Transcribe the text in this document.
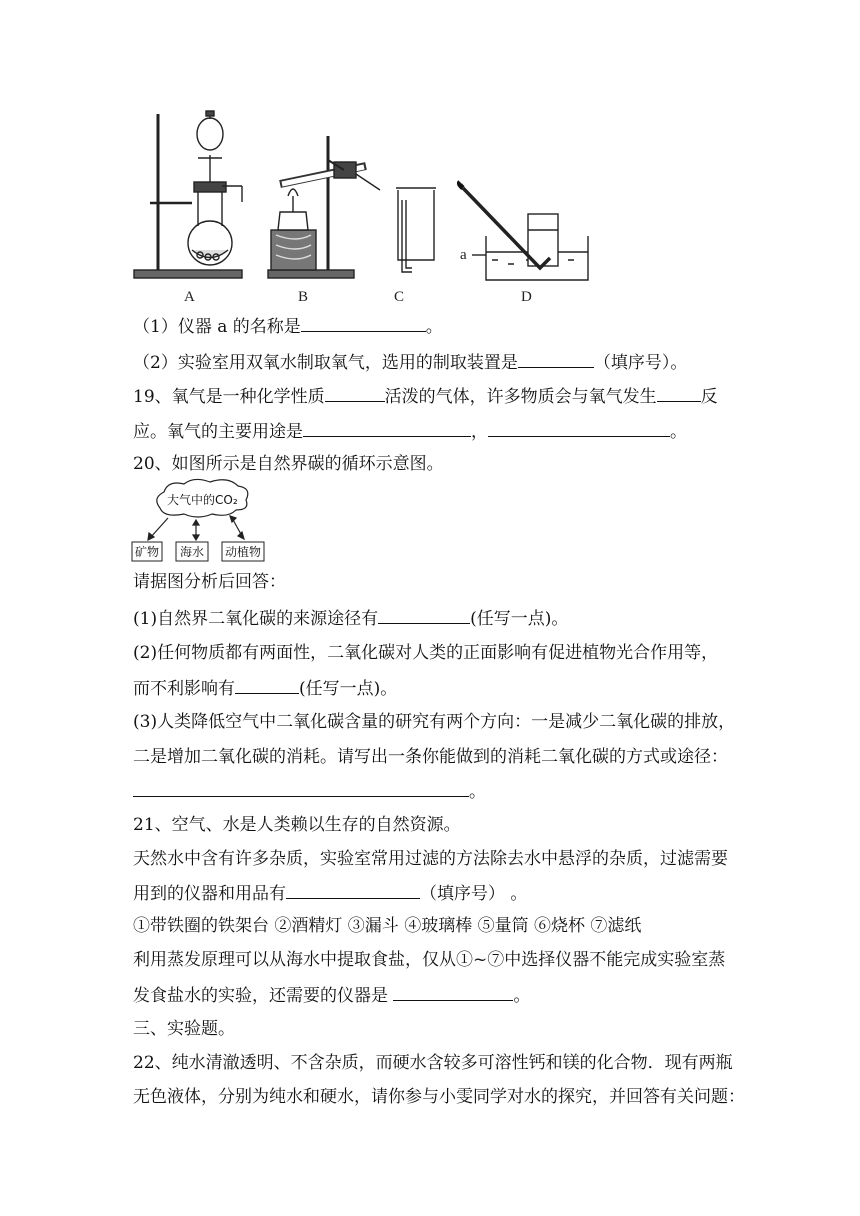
A	B	C	D
a
（1）仪器 a 的名称是	。
（2）实验室用双氧水制取氧气，选用的制取装置是	（填序号）。
19、氧气是一种化学性质	活泼的气体，许多物质会与氧气发生	反
应。氧气的主要用途是	，	。
20、如图所示是自然界碳的循环示意图。
大气中的CO₂
矿物 海水 动植物
请据图分析后回答：
(1)自然界二氧化碳的来源途径有	(任写一点)。
(2)任何物质都有两面性，二氧化碳对人类的正面影响有促进植物光合作用等，
而不利影响有	(任写一点)。
(3)人类降低空气中二氧化碳含量的研究有两个方向：一是减少二氧化碳的排放，
二是增加二氧化碳的消耗。请写出一条你能做到的消耗二氧化碳的方式或途径：
。
21、空气、水是人类赖以生存的自然资源。
天然水中含有许多杂质，实验室常用过滤的方法除去水中悬浮的杂质，过滤需要
用到的仪器和用品有	（填序号） 。
①带铁圈的铁架台 ②酒精灯 ③漏斗 ④玻璃棒 ⑤量筒 ⑥烧杯 ⑦滤纸
利用蒸发原理可以从海水中提取食盐，仅从①~⑦中选择仪器不能完成实验室蒸
发食盐水的实验，还需要的仪器是	。
三、实验题。
22、纯水清澈透明、不含杂质，而硬水含较多可溶性钙和镁的化合物．现有两瓶
无色液体，分别为纯水和硬水，请你参与小雯同学对水的探究，并回答有关问题：
